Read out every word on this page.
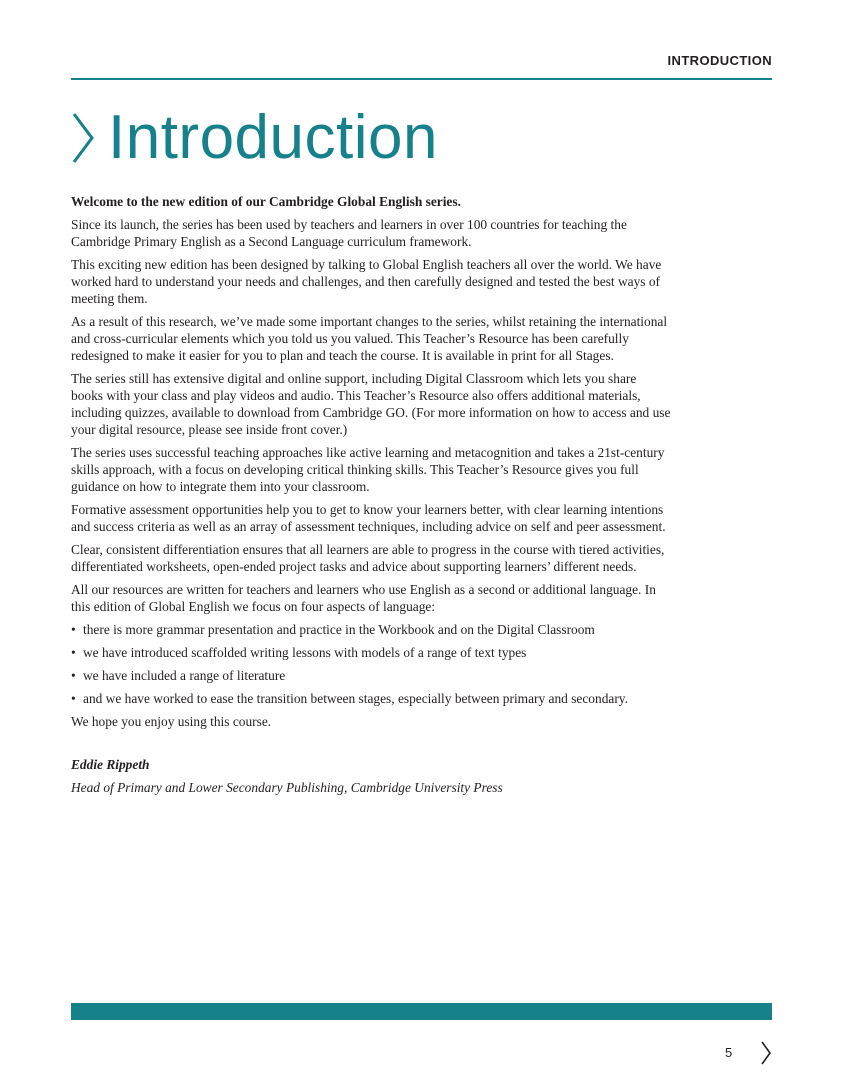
INTRODUCTION
Introduction

Welcome to the new edition of our Cambridge Global English series.

Since its launch, the series has been used by teachers and learners in over 100 countries for teaching the Cambridge Primary English as a Second Language curriculum framework.

This exciting new edition has been designed by talking to Global English teachers all over the world. We have worked hard to understand your needs and challenges, and then carefully designed and tested the best ways of meeting them.

As a result of this research, we’ve made some important changes to the series, whilst retaining the international and cross-curricular elements which you told us you valued. This Teacher’s Resource has been carefully redesigned to make it easier for you to plan and teach the course. It is available in print for all Stages.

The series still has extensive digital and online support, including Digital Classroom which lets you share books with your class and play videos and audio. This Teacher’s Resource also offers additional materials, including quizzes, available to download from Cambridge GO. (For more information on how to access and use your digital resource, please see inside front cover.)

The series uses successful teaching approaches like active learning and metacognition and takes a 21st-century skills approach, with a focus on developing critical thinking skills. This Teacher’s Resource gives you full guidance on how to integrate them into your classroom.

Formative assessment opportunities help you to get to know your learners better, with clear learning intentions and success criteria as well as an array of assessment techniques, including advice on self and peer assessment.

Clear, consistent differentiation ensures that all learners are able to progress in the course with tiered activities, differentiated worksheets, open-ended project tasks and advice about supporting learners’ different needs.

All our resources are written for teachers and learners who use English as a second or additional language. In this edition of Global English we focus on four aspects of language:

• there is more grammar presentation and practice in the Workbook and on the Digital Classroom
• we have introduced scaffolded writing lessons with models of a range of text types
• we have included a range of literature
• and we have worked to ease the transition between stages, especially between primary and secondary.

We hope you enjoy using this course.

Eddie Rippeth
Head of Primary and Lower Secondary Publishing, Cambridge University Press
5
